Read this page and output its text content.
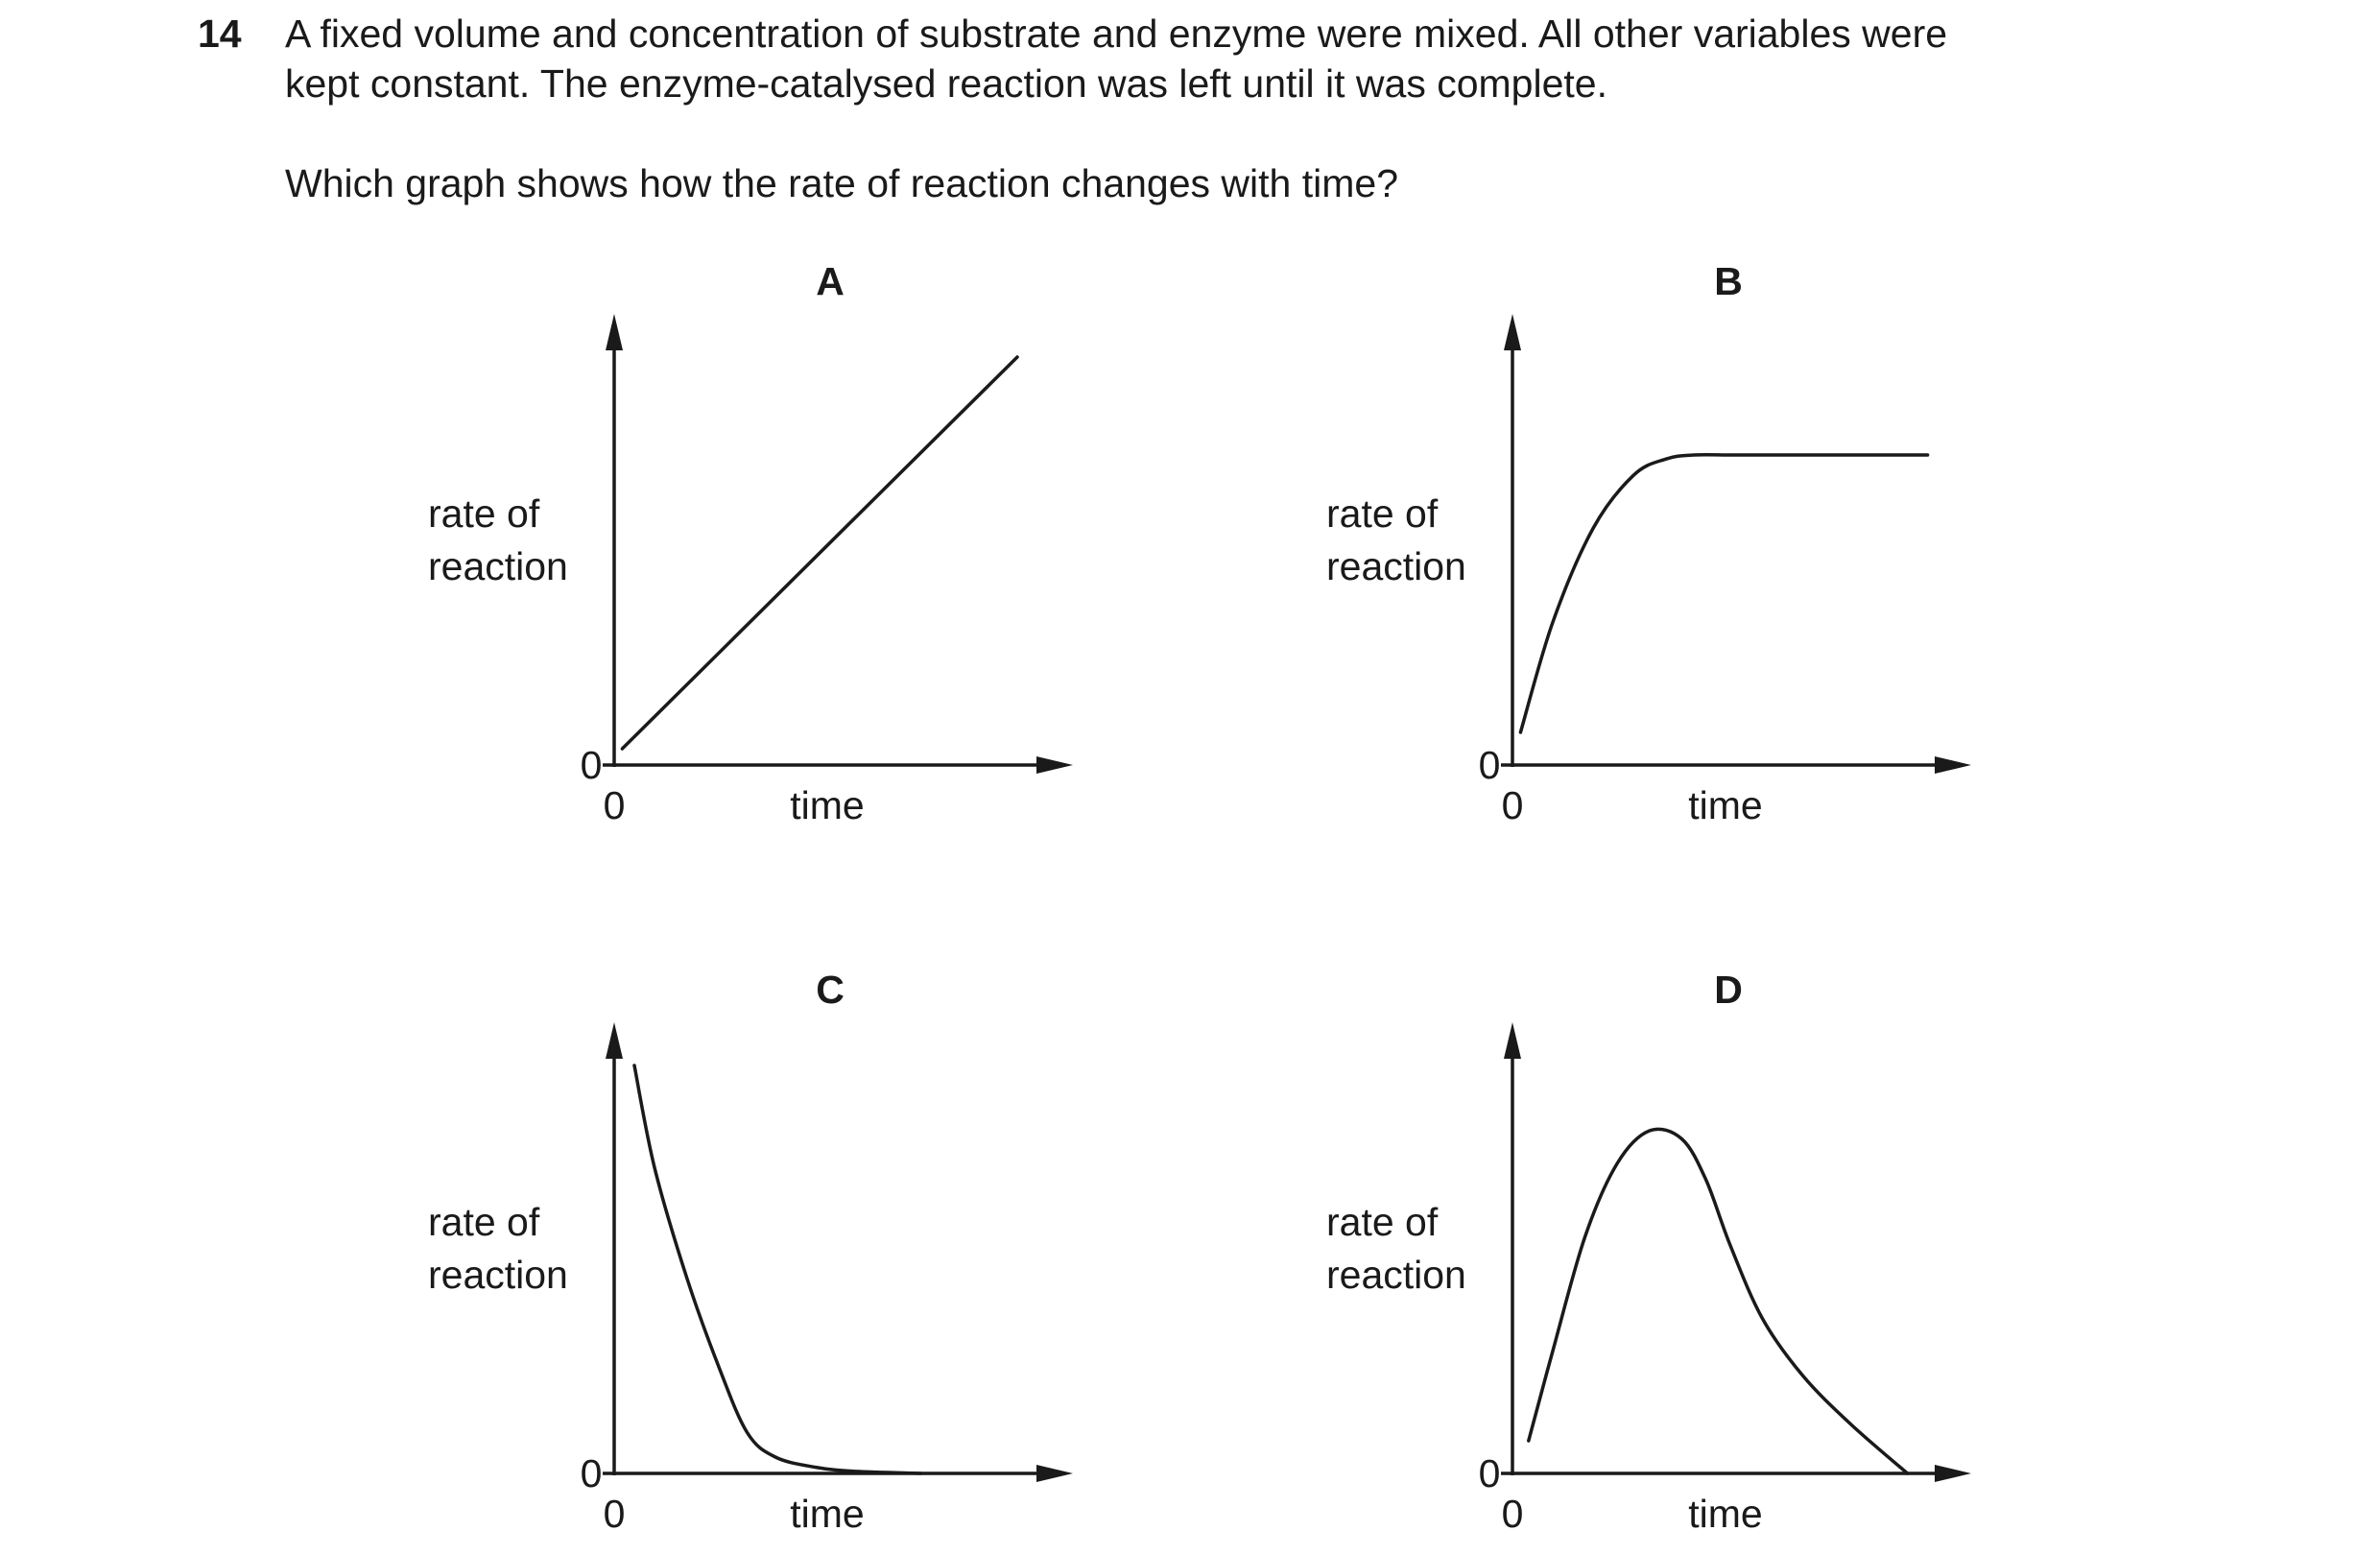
14 A fixed volume and concentration of substrate and enzyme were mixed. All other variables were
kept constant. The enzyme-catalysed reaction was left until it was complete.
Which graph shows how the rate of reaction changes with time?
A
0
0	time
rate of
reaction
B
0
0	time
rate of
reaction
C
0
0	time
rate of
reaction
D
0
0	time
rate of
reaction
